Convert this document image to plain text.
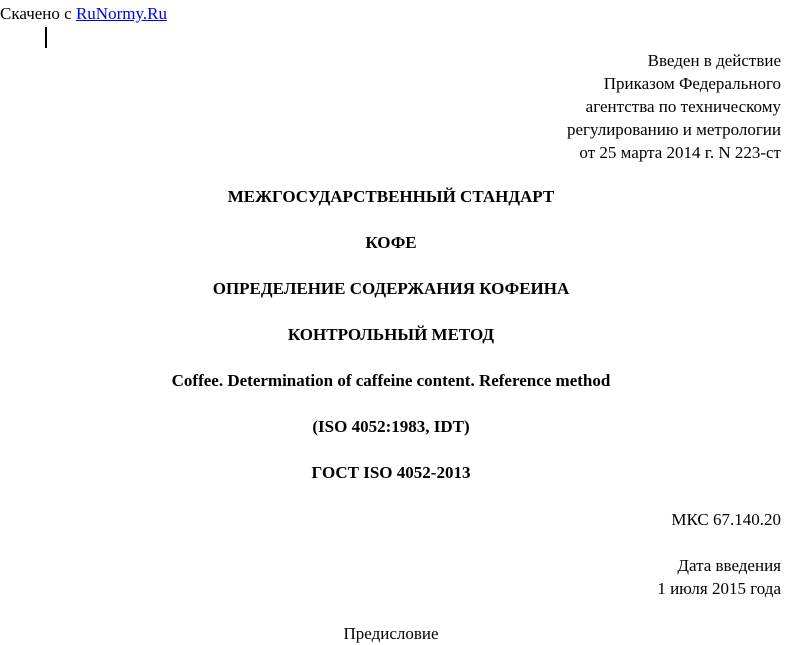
Скачено с RuNormy.Ru
Введен в действие
Приказом Федерального
агентства по техническому
регулированию и метрологии
от 25 марта 2014 г. N 223-ст
МЕЖГОСУДАРСТВЕННЫЙ СТАНДАРТ
КОФЕ
ОПРЕДЕЛЕНИЕ СОДЕРЖАНИЯ КОФЕИНА
КОНТРОЛЬНЫЙ МЕТОД
Coffee. Determination of caffeine content. Reference method
(ISO 4052:1983, IDT)
ГОСТ ISO 4052-2013
МКС 67.140.20
Дата введения
1 июля 2015 года
Предисловие
